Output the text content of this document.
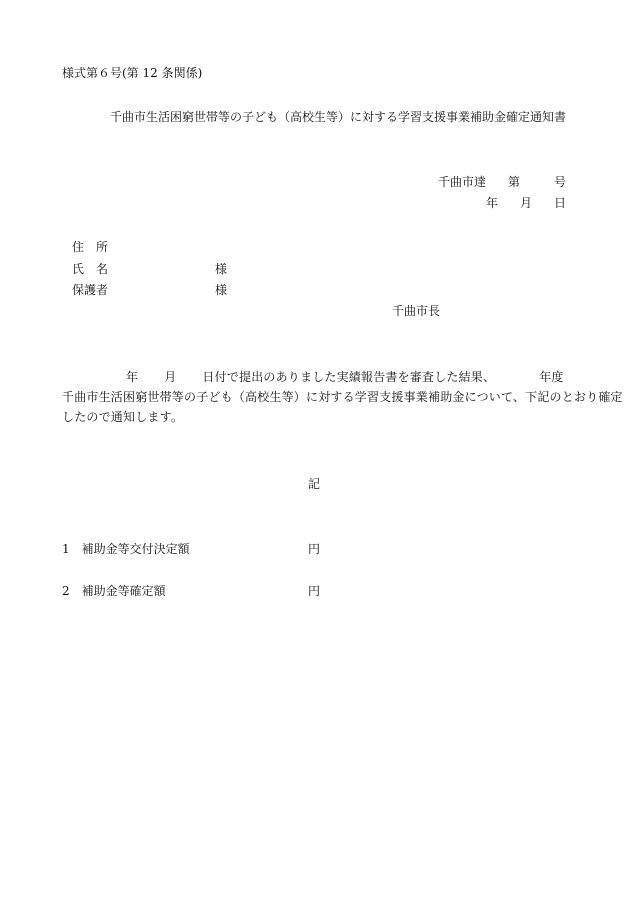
様式第６号(第 12 条関係)
千曲市生活困窮世帯等の子ども（高校生等）に対する学習支援事業補助金確定通知書
千曲市達 第	号
年 月 日
住　所
氏　名	様
保護者	様
千曲市長
年 月 日付で提出のありました実績報告書を審査した結果、	年度
千曲市生活困窮世帯等の子ども（高校生等）に対する学習支援事業補助金について、下記のとおり確定
したので通知します。
記
1　補助金等交付決定額	円
2　補助金等確定額	円
